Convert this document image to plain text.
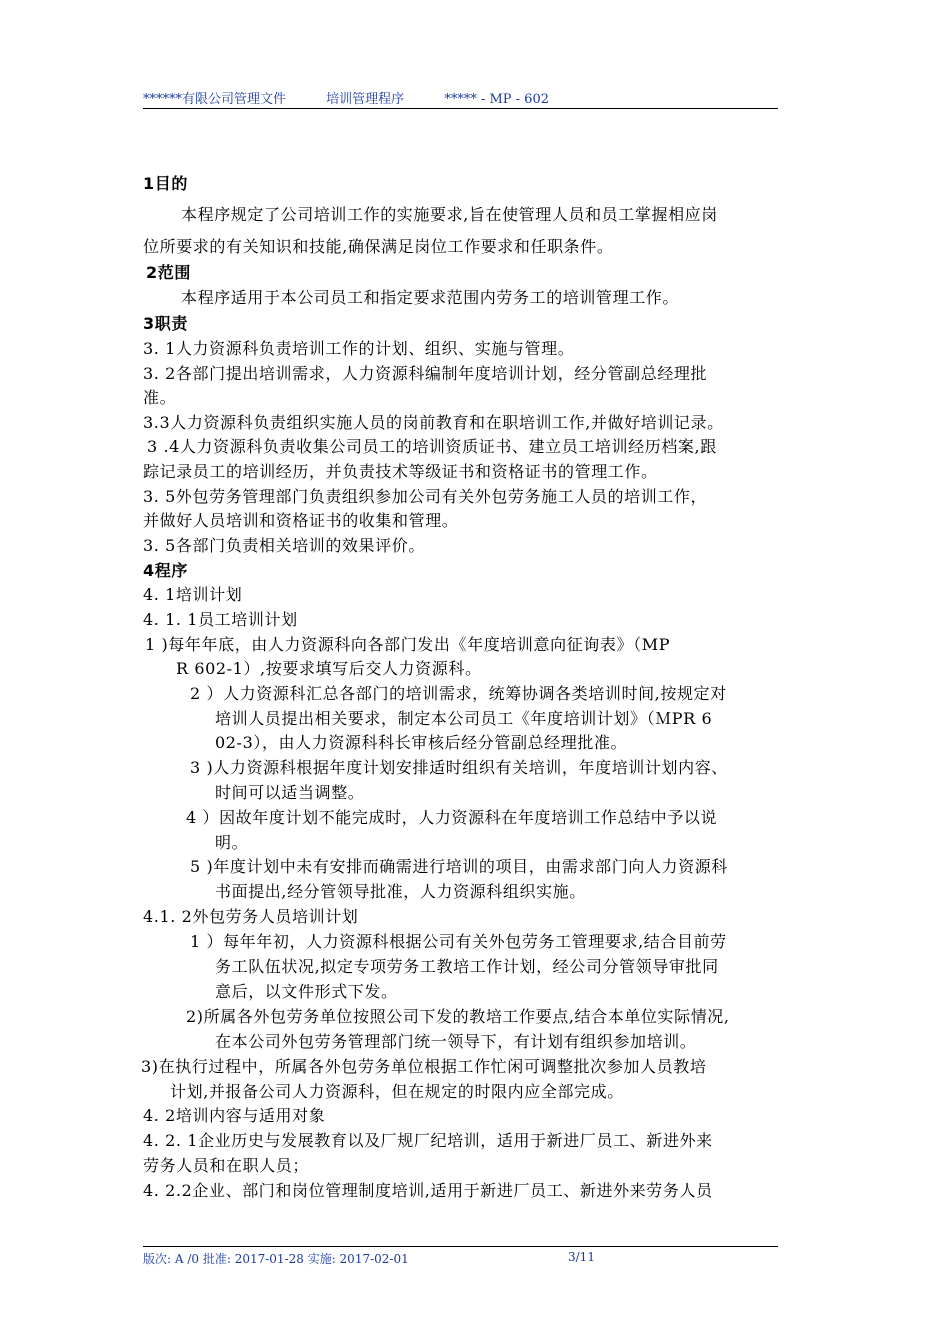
******有限公司管理文件	培训管理程序	***** - MP - 602
1目的
本程序规定了公司培训工作的实施要求,旨在使管理人员和员工掌握相应岗
位所要求的有关知识和技能,确保满足岗位工作要求和任职条件。
2范围
本程序适用于本公司员工和指定要求范围内劳务工的培训管理工作。
3职责
3. 1人力资源科负责培训工作的计划、组织、实施与管理。
3. 2各部门提出培训需求，人力资源科编制年度培训计划，经分管副总经理批
准。
3.3人力资源科负责组织实施人员的岗前教育和在职培训工作,并做好培训记录。
3 .4人力资源科负责收集公司员工的培训资质证书、建立员工培训经历档案,跟
踪记录员工的培训经历，并负责技术等级证书和资格证书的管理工作。
3. 5外包劳务管理部门负责组织参加公司有关外包劳务施工人员的培训工作，
并做好人员培训和资格证书的收集和管理。
3. 5各部门负责相关培训的效果评价。
4程序
4. 1培训计划
4. 1. 1员工培训计划
1 )每年年底，由人力资源科向各部门发出《年度培训意向征询表》（MP
R 602-1）,按要求填写后交人力资源科。
2 ）人力资源科汇总各部门的培训需求，统筹协调各类培训时间,按规定对
培训人员提出相关要求，制定本公司员工《年度培训计划》（ＭPR 6
02-3），由人力资源科科长审核后经分管副总经理批准。
3 )人力资源科根据年度计划安排适时组织有关培训，年度培训计划内容、
时间可以适当调整。
4 ）因故年度计划不能完成时，人力资源科在年度培训工作总结中予以说
明。
5 )年度计划中未有安排而确需进行培训的项目，由需求部门向人力资源科
书面提出,经分管领导批准，人力资源科组织实施。
4.1. 2外包劳务人员培训计划
1 ）每年年初，人力资源科根据公司有关外包劳务工管理要求,结合目前劳
务工队伍状况,拟定专项劳务工教培工作计划，经公司分管领导审批同
意后，以文件形式下发。
2)所属各外包劳务单位按照公司下发的教培工作要点,结合本单位实际情况,
在本公司外包劳务管理部门统一领导下，有计划有组织参加培训。
3)在执行过程中，所属各外包劳务单位根据工作忙闲可调整批次参加人员教培
计划,并报备公司人力资源科，但在规定的时限内应全部完成。
4. 2培训内容与适用对象
4. 2. 1企业历史与发展教育以及厂规厂纪培训，适用于新进厂员工、新进外来
劳务人员和在职人员；
4. 2.2企业、部门和岗位管理制度培训,适用于新进厂员工、新进外来劳务人员
版次: A /0 批准: 2017-01-28 实施: 2017-02-01	3/11
